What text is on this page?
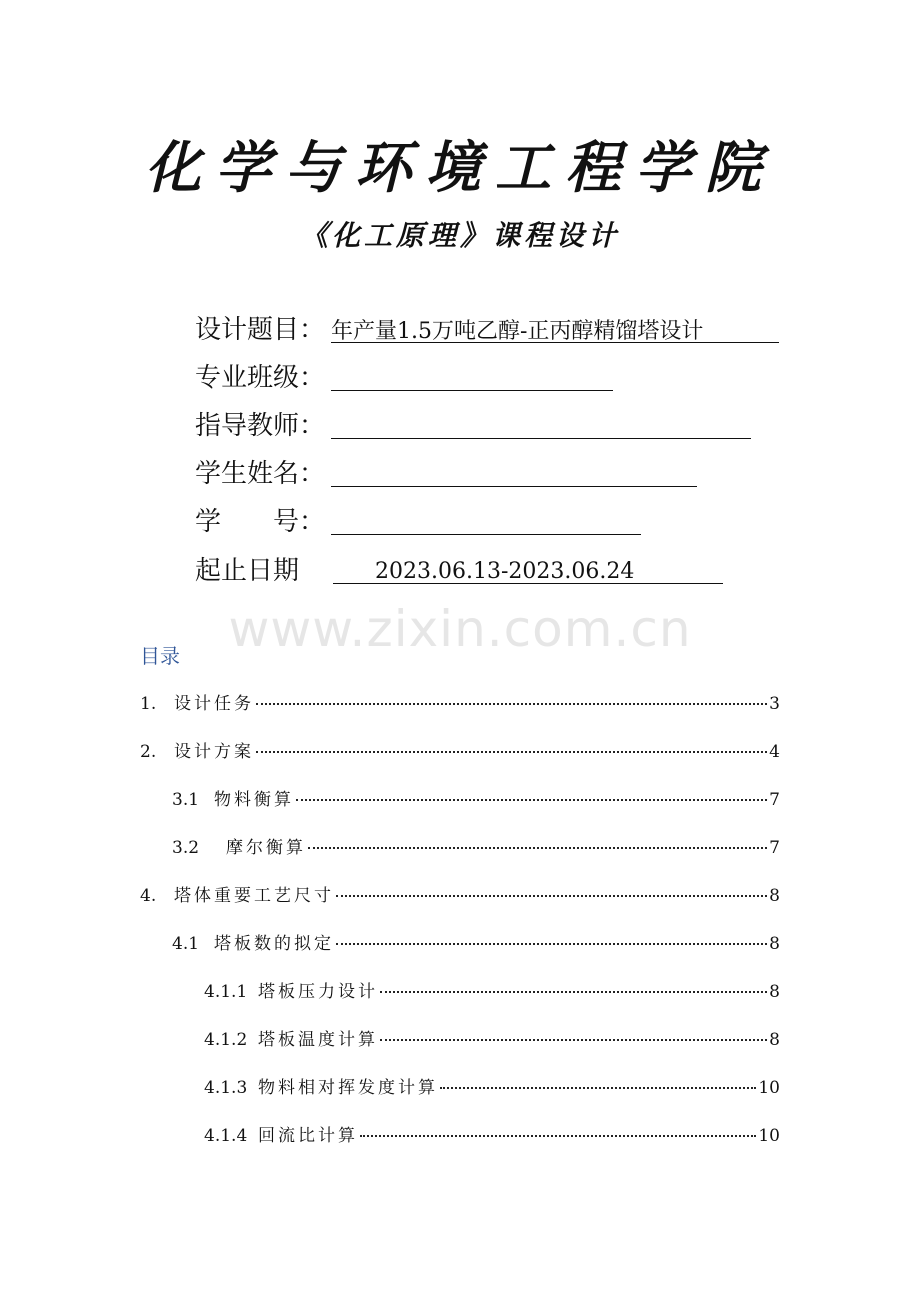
化学与环境工程学院
《化工原理》课程设计
设计题目： 年产量1.5万吨乙醇-正丙醇精馏塔设计
专业班级：
指导教师：
学生姓名：
学　　号：
起止日期	2023.06.13-2023.06.24
www.zixin.com.cn
目录
1.	设计任务	3
2.	设计方案	4
3.1 物料衡算	7
3.2	摩尔衡算	7
4.	塔体重要工艺尺寸	8
4.1 塔板数的拟定	8
4.1.1 塔板压力设计	8
4.1.2 塔板温度计算	8
4.1.3 物料相对挥发度计算	10
4.1.4 回流比计算	10
